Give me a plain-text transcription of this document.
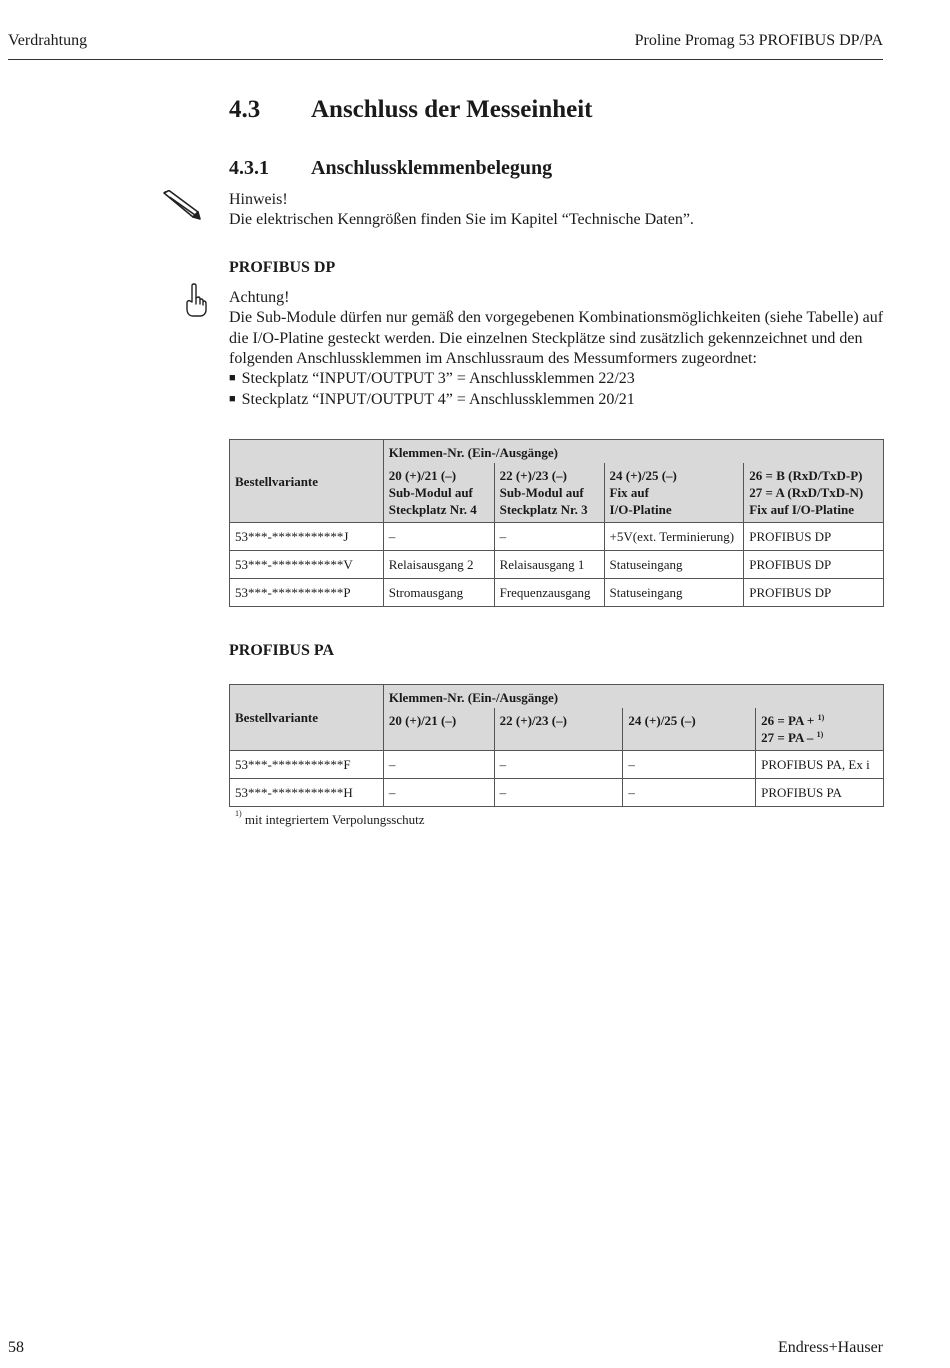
Verdrahtung	Proline Promag 53 PROFIBUS DP/PA
4.3 Anschluss der Messeinheit
4.3.1 Anschlussklemmenbelegung
Hinweis!
Die elektrischen Kenngrößen finden Sie im Kapitel “Technische Daten”.
PROFIBUS DP
Achtung!
Die Sub-Module dürfen nur gemäß den vorgegebenen Kombinationsmöglichkeiten (siehe Tabelle) auf die I/O-Platine gesteckt werden. Die einzelnen Steckplätze sind zusätzlich gekennzeichnet und den folgenden Anschlussklemmen im Anschlussraum des Messumformers zugeordnet:
■ Steckplatz “INPUT/OUTPUT 3” = Anschlussklemmen 22/23
■ Steckplatz “INPUT/OUTPUT 4” = Anschlussklemmen 20/21
Bestellvariante	Klemmen-Nr. (Ein-/Ausgänge)			
	20 (+)/21 (–)
Sub-Modul auf
Steckplatz Nr. 4	22 (+)/23 (–)
Sub-Modul auf
Steckplatz Nr. 3	24 (+)/25 (–)
Fix auf
I/O-Platine	26 = B (RxD/TxD-P)
27 = A (RxD/TxD-N)
Fix auf I/O-Platine
53***-***********J	–	–	+5V(ext. Terminierung)	PROFIBUS DP
53***-***********V	Relaisausgang 2	Relaisausgang 1	Statuseingang	PROFIBUS DP
53***-***********P	Stromausgang	Frequenzausgang	Statuseingang	PROFIBUS DP
PROFIBUS PA
Bestellvariante	Klemmen-Nr. (Ein-/Ausgänge)			
	20 (+)/21 (–)	22 (+)/23 (–)	24 (+)/25 (–)	26 = PA + $^{1)}$
27 = PA – $^{1)}$

53***-***********F	–	–	–	PROFIBUS PA, Ex i
53***-***********H	–	–	–	PROFIBUS PA
$^{1)}$ mit integriertem Verpolungsschutz
58	Endress+Hauser
